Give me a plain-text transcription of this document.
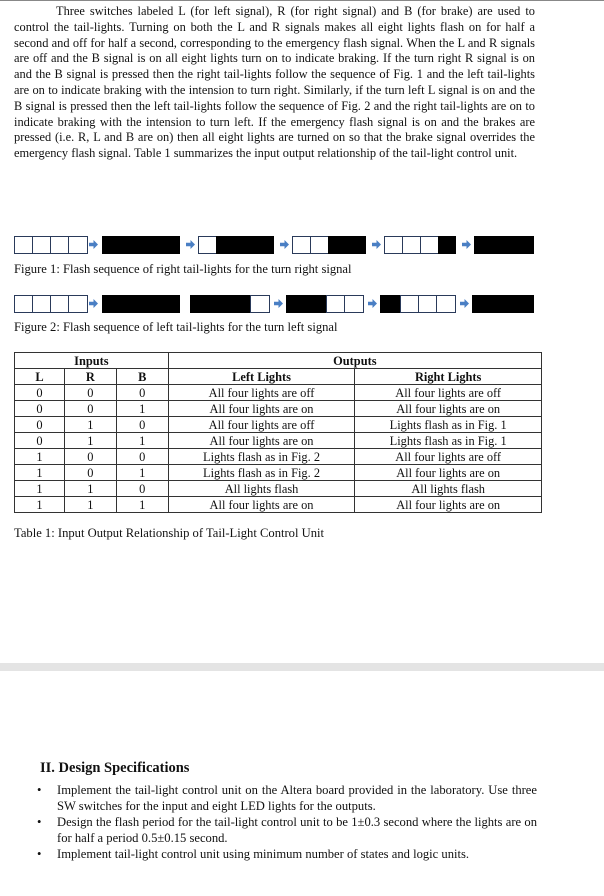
Three switches labeled L (for left signal), R (for right signal) and B (for brake) are used to control the tail-lights. Turning on both the L and R signals makes all eight lights flash on for half a second and off for half a second, corresponding to the emergency flash signal. When the L and R signals are off and the B signal is on all eight lights turn on to indicate braking. If the turn right R signal is on and the B signal is pressed then the right tail-lights follow the sequence of Fig. 1 and the left tail-lights are on to indicate braking with the intension to turn right. Similarly, if the turn left L signal is on and the B signal is pressed then the left tail-lights follow the sequence of Fig. 2 and the right tail-lights are on to indicate braking with the intension to turn left. If the emergency flash signal is on and the brakes are pressed (i.e. R, L and B are on) then all eight lights are turned on so that the brake signal overrides the emergency flash signal. Table 1 summarizes the input output relationship of the tail-light control unit.

Figure 1: Flash sequence of right tail-lights for the turn right signal

Figure 2: Flash sequence of left tail-lights for the turn left signal

Inputs			Outputs	
L	R	B	Left Lights	Right Lights
0	0	0	All four lights are off	All four lights are off
0	0	1	All four lights are on	All four lights are on
0	1	0	All four lights are off	Lights flash as in Fig. 1
0	1	1	All four lights are on	Lights flash as in Fig. 1
1	0	0	Lights flash as in Fig. 2	All four lights are off
1	0	1	Lights flash as in Fig. 2	All four lights are on
1	1	0	All lights flash	All lights flash
1	1	1	All four lights are on	All four lights are on

Table 1: Input Output Relationship of Tail-Light Control Unit

II. Design Specifications
• Implement the tail-light control unit on the Altera board provided in the laboratory. Use three SW switches for the input and eight LED lights for the outputs.
• Design the flash period for the tail-light control unit to be 1±0.3 second where the lights are on for half a period 0.5±0.15 second.
• Implement tail-light control unit using minimum number of states and logic units.
